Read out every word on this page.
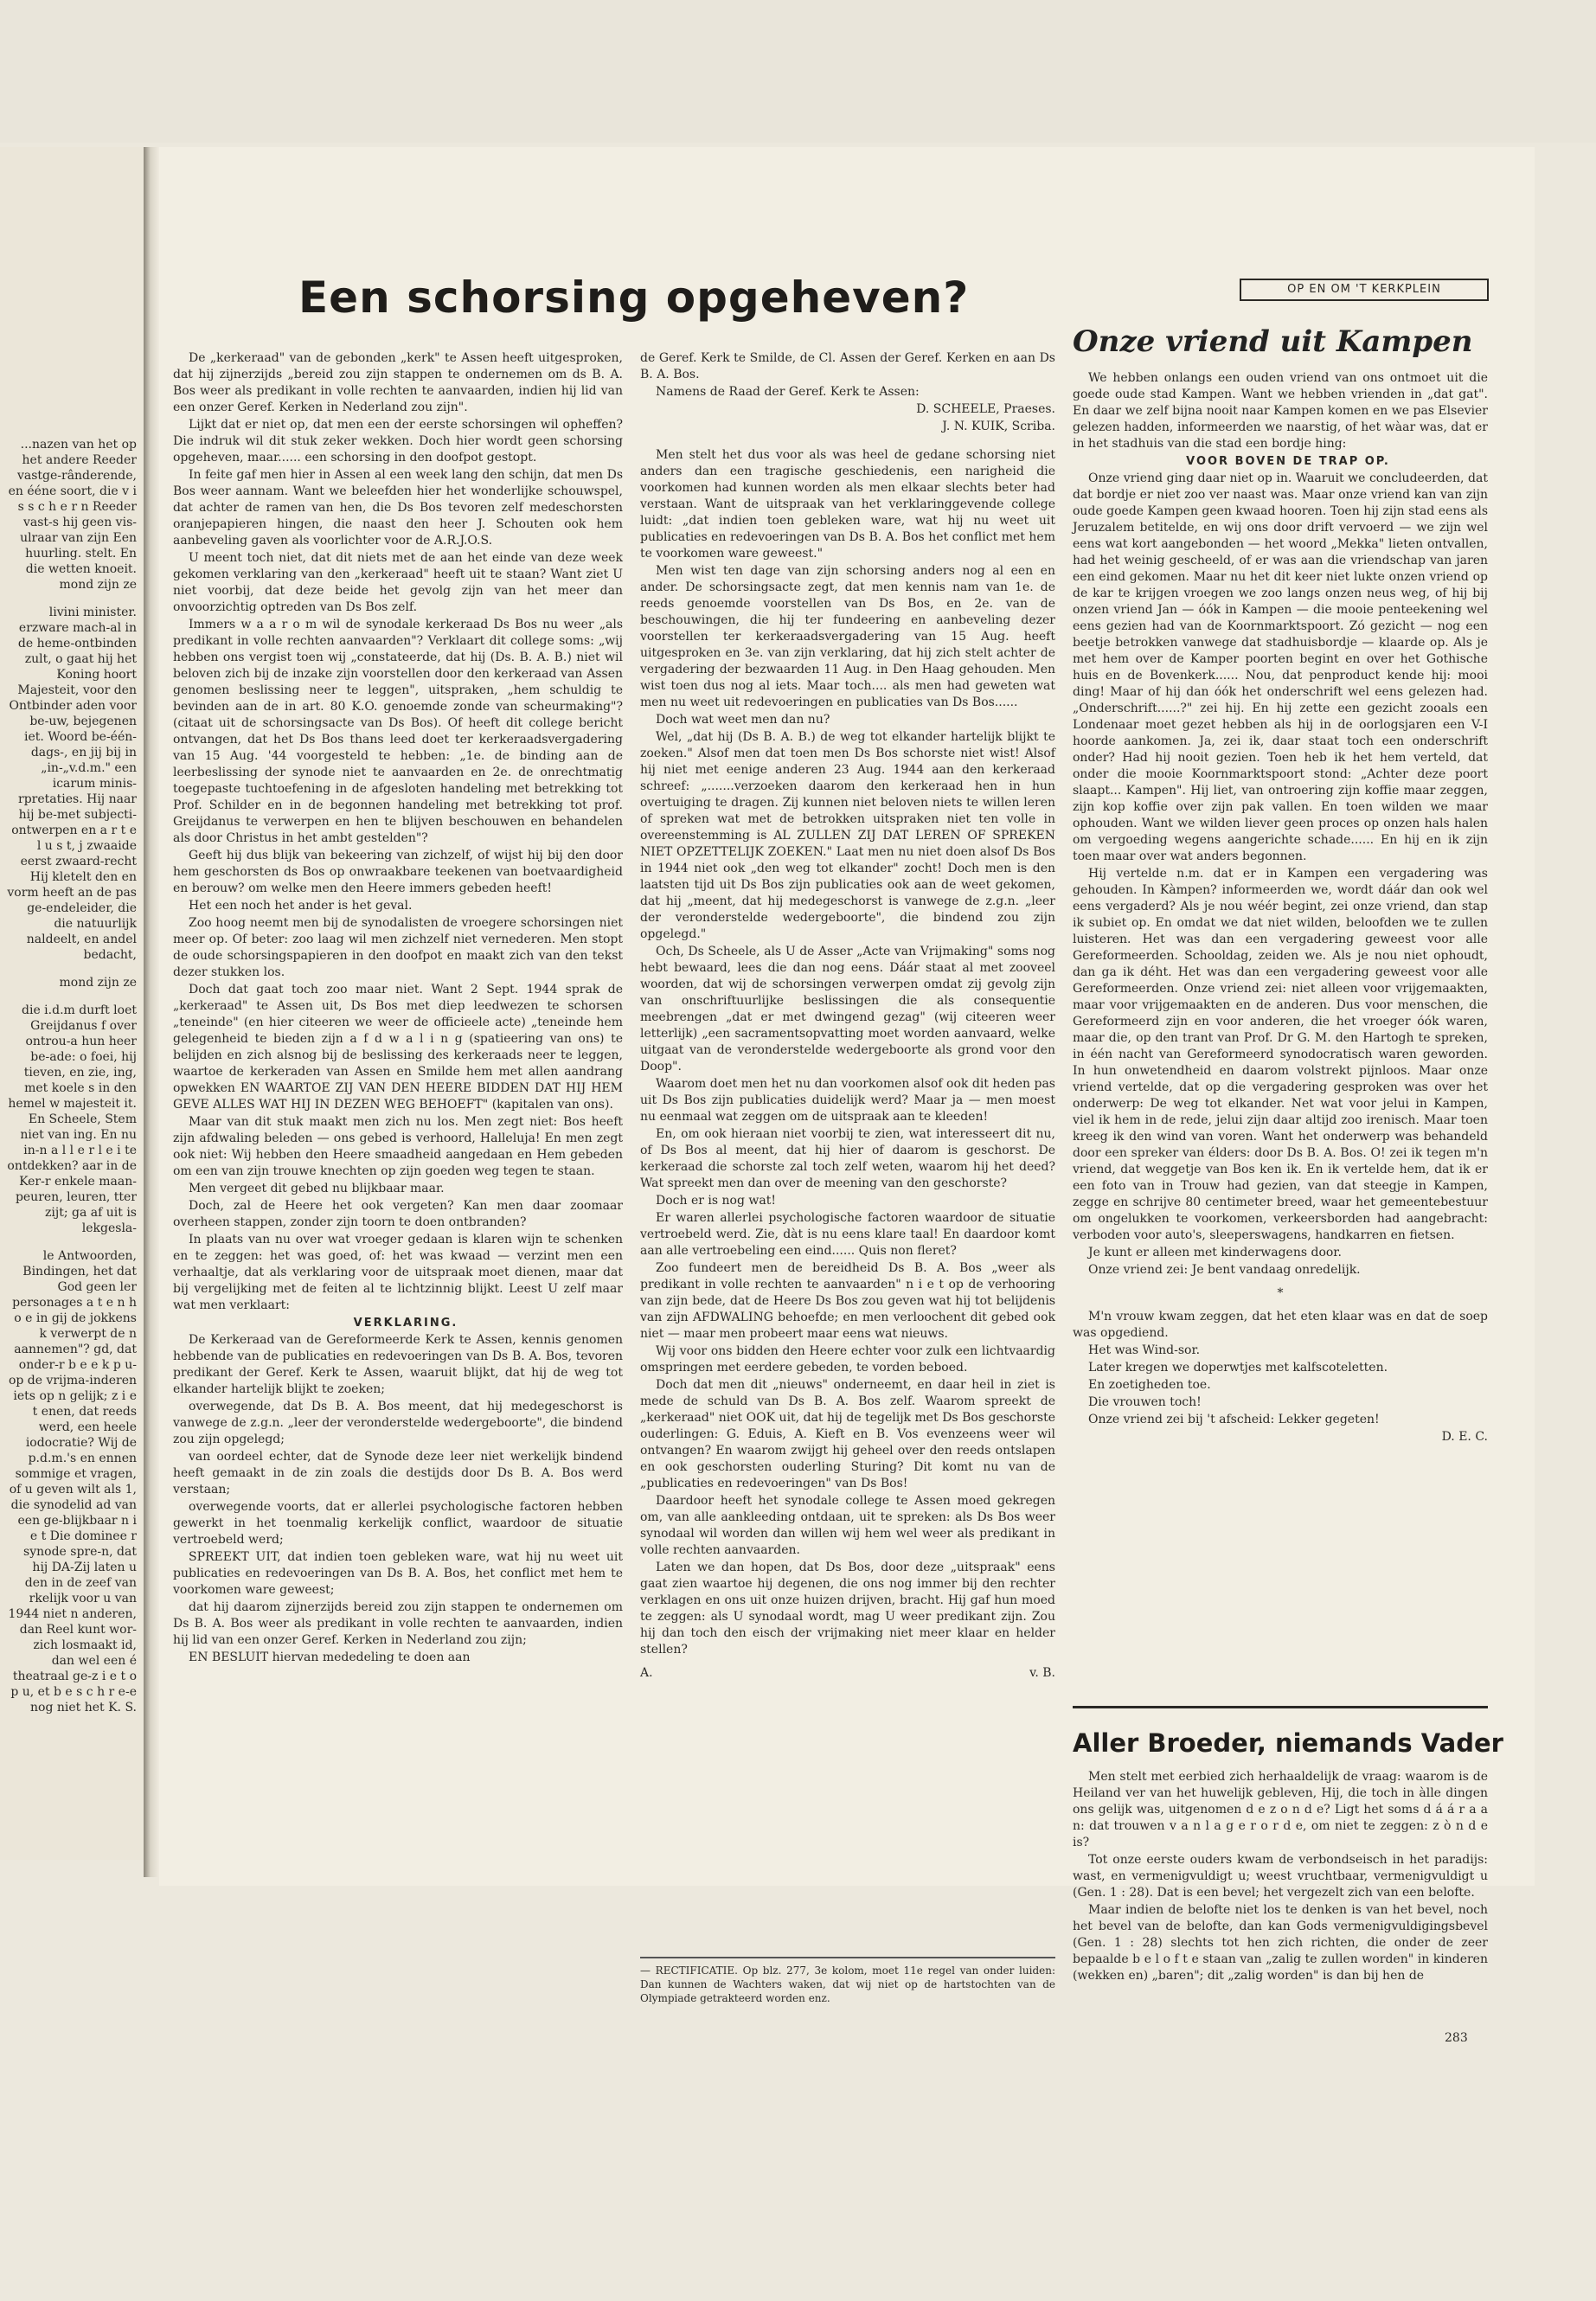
...nazen van het op het andere Reeder vastge-rânderende, en ééne soort, die v i s s c h e r n Reeder vast-s hij geen vis-ulraar van zijn Een huurling. stelt. En die wetten knoeit. mond zijn ze

livini minister. erzware mach-al in de heme-ontbinden zult, o gaat hij het Koning hoort Majesteit, voor den Ontbinder aden voor be-uw, bejegenen iet. Woord be-één-dags-, en jij bij in „in-„v.d.m." een icarum minis-rpretaties. Hij naar hij be-met subjecti-ontwerpen en a r t e l u s t, j zwaaide eerst zwaard-recht Hij kletelt den en vorm heeft an de pas ge-endeleider, die die natuurlijk naldeelt, en andel bedacht,

mond zijn ze

die i.d.m durft loet Greijdanus f over ontrou-a hun heer be-ade: o foei, hij tieven, en zie, ing, met koele s in den hemel w majesteit it. En Scheele, Stem niet van ing. En nu in-n a l l e r l e i te ontdekken? aar in de Ker-r enkele maan-peuren, leuren, tter zijt; ga af uit is lekgesla-

le Antwoorden, Bindingen, het dat God geen ler personages a t e n h o e in gij de jokkens k verwerpt de n aannemen"? gd, dat onder-r b e e k p u-op de vrijma-inderen iets op n gelijk; z i e t enen, dat reeds werd, een heele iodocratie? Wij de p.d.m.'s en ennen sommige et vragen, of u geven wilt als 1, die synodelid ad van een ge-blijkbaar n i e t Die dominee r synode spre-n, dat hij DA-Zij laten u den in de zeef van rkelijk voor u van 1944 niet n anderen, dan Reel kunt wor-zich losmaakt id, dan wel een é theatraal ge-z i e t o p u, et b e s c h r e-e nog niet het K. S.

Een schorsing opgeheven?

De „kerkeraad" van de gebonden „kerk" te Assen heeft uitgesproken, dat hij zijnerzijds „bereid zou zijn stappen te ondernemen om ds B. A. Bos weer als predikant in volle rechten te aanvaarden, indien hij lid van een onzer Geref. Kerken in Nederland zou zijn".

Lijkt dat er niet op, dat men een der eerste schorsingen wil opheffen? Die indruk wil dit stuk zeker wekken. Doch hier wordt geen schorsing opgeheven, maar...... een schorsing in den doofpot gestopt.

In feite gaf men hier in Assen al een week lang den schijn, dat men Ds Bos weer aannam. Want we beleefden hier het wonderlijke schouwspel, dat achter de ramen van hen, die Ds Bos tevoren zelf medeschorsten oranjepapieren hingen, die naast den heer J. Schouten ook hem aanbeveling gaven als voorlichter voor de A.R.J.O.S.

U meent toch niet, dat dit niets met de aan het einde van deze week gekomen verklaring van den „kerkeraad" heeft uit te staan? Want ziet U niet voorbij, dat deze beide het gevolg zijn van het meer dan onvoorzichtig optreden van Ds Bos zelf.

Immers w a a r o m wil de synodale kerkeraad Ds Bos nu weer „als predikant in volle rechten aanvaarden"? Verklaart dit college soms: „wij hebben ons vergist toen wij „constateerde, dat hij (Ds. B. A. B.) niet wil beloven zich bij de inzake zijn voorstellen door den kerkeraad van Assen genomen beslissing neer te leggen", uitspraken, „hem schuldig te bevinden aan de in art. 80 K.O. genoemde zonde van scheurmaking"? (citaat uit de schorsingsacte van Ds Bos). Of heeft dit college bericht ontvangen, dat het Ds Bos thans leed doet ter kerkeraadsvergadering van 15 Aug. '44 voorgesteld te hebben: „1e. de binding aan de leerbeslissing der synode niet te aanvaarden en 2e. de onrechtmatig toegepaste tuchtoefening in de afgesloten handeling met betrekking tot Prof. Schilder en in de begonnen handeling met betrekking tot prof. Greijdanus te verwerpen en hen te blijven beschouwen en behandelen als door Christus in het ambt gestelden"?

Geeft hij dus blijk van bekeering van zichzelf, of wijst hij bij den door hem geschorsten ds Bos op onwraakbare teekenen van boetvaardigheid en berouw? om welke men den Heere immers gebeden heeft!

Het een noch het ander is het geval.

Zoo hoog neemt men bij de synodalisten de vroegere schorsingen niet meer op. Of beter: zoo laag wil men zichzelf niet vernederen. Men stopt de oude schorsingspapieren in den doofpot en maakt zich van den tekst dezer stukken los.

Doch dat gaat toch zoo maar niet. Want 2 Sept. 1944 sprak de „kerkeraad" te Assen uit, Ds Bos met diep leedwezen te schorsen „teneinde" (en hier citeeren we weer de officieele acte) „teneinde hem gelegenheid te bieden zijn a f d w a l i n g (spatieering van ons) te belijden en zich alsnog bij de beslissing des kerkeraads neer te leggen, waartoe de kerkeraden van Assen en Smilde hem met allen aandrang opwekken EN WAARTOE ZIJ VAN DEN HEERE BIDDEN DAT HIJ HEM GEVE ALLES WAT HIJ IN DEZEN WEG BEHOEFT" (kapitalen van ons).

Maar van dit stuk maakt men zich nu los. Men zegt niet: Bos heeft zijn afdwaling beleden — ons gebed is verhoord, Halleluja! En men zegt ook niet: Wij hebben den Heere smaadheid aangedaan en Hem gebeden om een van zijn trouwe knechten op zijn goeden weg tegen te staan.

Men vergeet dit gebed nu blijkbaar maar.

Doch, zal de Heere het ook vergeten? Kan men daar zoomaar overheen stappen, zonder zijn toorn te doen ontbranden?

In plaats van nu over wat vroeger gedaan is klaren wijn te schenken en te zeggen: het was goed, of: het was kwaad — verzint men een verhaaltje, dat als verklaring voor de uitspraak moet dienen, maar dat bij vergelijking met de feiten al te lichtzinnig blijkt. Leest U zelf maar wat men verklaart:

VERKLARING.

De Kerkeraad van de Gereformeerde Kerk te Assen, kennis genomen hebbende van de publicaties en redevoeringen van Ds B. A. Bos, tevoren predikant der Geref. Kerk te Assen, waaruit blijkt, dat hij de weg tot elkander hartelijk blijkt te zoeken;

overwegende, dat Ds B. A. Bos meent, dat hij medegeschorst is vanwege de z.g.n. „leer der veronderstelde wedergeboorte", die bindend zou zijn opgelegd;

van oordeel echter, dat de Synode deze leer niet werkelijk bindend heeft gemaakt in de zin zoals die destijds door Ds B. A. Bos werd verstaan;

overwegende voorts, dat er allerlei psychologische factoren hebben gewerkt in het toenmalig kerkelijk conflict, waardoor de situatie vertroebeld werd;

SPREEKT UIT, dat indien toen gebleken ware, wat hij nu weet uit publicaties en redevoeringen van Ds B. A. Bos, het conflict met hem te voorkomen ware geweest;

dat hij daarom zijnerzijds bereid zou zijn stappen te ondernemen om Ds B. A. Bos weer als predikant in volle rechten te aanvaarden, indien hij lid van een onzer Geref. Kerken in Nederland zou zijn;

EN BESLUIT hiervan mededeling te doen aan

de Geref. Kerk te Smilde, de Cl. Assen der Geref. Kerken en aan Ds B. A. Bos.

Namens de Raad der Geref. Kerk te Assen:

D. SCHEELE, Praeses.

J. N. KUIK, Scriba.

Men stelt het dus voor als was heel de gedane schorsing niet anders dan een tragische geschiedenis, een narigheid die voorkomen had kunnen worden als men elkaar slechts beter had verstaan. Want de uitspraak van het verklaringgevende college luidt: „dat indien toen gebleken ware, wat hij nu weet uit publicaties en redevoeringen van Ds B. A. Bos het conflict met hem te voorkomen ware geweest."

Men wist ten dage van zijn schorsing anders nog al een en ander. De schorsingsacte zegt, dat men kennis nam van 1e. de reeds genoemde voorstellen van Ds Bos, en 2e. van de beschouwingen, die hij ter fundeering en aanbeveling dezer voorstellen ter kerkeraadsvergadering van 15 Aug. heeft uitgesproken en 3e. van zijn verklaring, dat hij zich stelt achter de vergadering der bezwaarden 11 Aug. in Den Haag gehouden. Men wist toen dus nog al iets. Maar toch.... als men had geweten wat men nu weet uit redevoeringen en publicaties van Ds Bos......

Doch wat weet men dan nu?

Wel, „dat hij (Ds B. A. B.) de weg tot elkander hartelijk blijkt te zoeken." Alsof men dat toen men Ds Bos schorste niet wist! Alsof hij niet met eenige anderen 23 Aug. 1944 aan den kerkeraad schreef: „.......verzoeken daarom den kerkeraad hen in hun overtuiging te dragen. Zij kunnen niet beloven niets te willen leren of spreken wat met de betrokken uitspraken niet ten volle in overeenstemming is AL ZULLEN ZIJ DAT LEREN OF SPREKEN NIET OPZETTELIJK ZOEKEN." Laat men nu niet doen alsof Ds Bos in 1944 niet ook „den weg tot elkander" zocht! Doch men is den laatsten tijd uit Ds Bos zijn publicaties ook aan de weet gekomen, dat hij „meent, dat hij medegeschorst is vanwege de z.g.n. „leer der veronderstelde wedergeboorte", die bindend zou zijn opgelegd."

Och, Ds Scheele, als U de Asser „Acte van Vrijmaking" soms nog hebt bewaard, lees die dan nog eens. Dáár staat al met zooveel woorden, dat wij de schorsingen verwerpen omdat zij gevolg zijn van onschriftuurlijke beslissingen die als consequentie meebrengen „dat er met dwingend gezag" (wij citeeren weer letterlijk) „een sacramentsopvatting moet worden aanvaard, welke uitgaat van de veronderstelde wedergeboorte als grond voor den Doop".

Waarom doet men het nu dan voorkomen alsof ook dit heden pas uit Ds Bos zijn publicaties duidelijk werd? Maar ja — men moest nu eenmaal wat zeggen om de uitspraak aan te kleeden!

En, om ook hieraan niet voorbij te zien, wat interesseert dit nu, of Ds Bos al meent, dat hij hier of daarom is geschorst. De kerkeraad die schorste zal toch zelf weten, waarom hij het deed? Wat spreekt men dan over de meening van den geschorste?

Doch er is nog wat!

Er waren allerlei psychologische factoren waardoor de situatie vertroebeld werd. Zie, dàt is nu eens klare taal! En daardoor komt aan alle vertroebeling een eind...... Quis non fleret?

Zoo fundeert men de bereidheid Ds B. A. Bos „weer als predikant in volle rechten te aanvaarden" n i e t op de verhooring van zijn bede, dat de Heere Ds Bos zou geven wat hij tot belijdenis van zijn AFDWALING behoefde; en men verloochent dit gebed ook niet — maar men probeert maar eens wat nieuws.

Wij voor ons bidden den Heere echter voor zulk een lichtvaardig omspringen met eerdere gebeden, te vorden beboed.

Doch dat men dit „nieuws" onderneemt, en daar heil in ziet is mede de schuld van Ds B. A. Bos zelf. Waarom spreekt de „kerkeraad" niet OOK uit, dat hij de tegelijk met Ds Bos geschorste ouderlingen: G. Eduis, A. Kieft en B. Vos evenzeens weer wil ontvangen? En waarom zwijgt hij geheel over den reeds ontslapen en ook geschorsten ouderling Sturing? Dit komt nu van de „publicaties en redevoeringen" van Ds Bos!

Daardoor heeft het synodale college te Assen moed gekregen om, van alle aankleeding ontdaan, uit te spreken: als Ds Bos weer synodaal wil worden dan willen wij hem wel weer als predikant in volle rechten aanvaarden.

Laten we dan hopen, dat Ds Bos, door deze „uitspraak" eens gaat zien waartoe hij degenen, die ons nog immer bij den rechter verklagen en ons uit onze huizen drijven, bracht. Hij gaf hun moed te zeggen: als U synodaal wordt, mag U weer predikant zijn. Zou hij dan toch den eisch der vrijmaking niet meer klaar en helder stellen?

A.	v. B.

OP EN OM 'T KERKPLEIN
Onze vriend uit Kampen

We hebben onlangs een ouden vriend van ons ontmoet uit die goede oude stad Kampen. Want we hebben vrienden in „dat gat". En daar we zelf bijna nooit naar Kampen komen en we pas Elsevier gelezen hadden, informeerden we naarstig, of het wàar was, dat er in het stadhuis van die stad een bordje hing:

VOOR BOVEN DE TRAP OP.

Onze vriend ging daar niet op in. Waaruit we concludeerden, dat dat bordje er niet zoo ver naast was. Maar onze vriend kan van zijn oude goede Kampen geen kwaad hooren. Toen hij zijn stad eens als Jeruzalem betitelde, en wij ons door drift vervoerd — we zijn wel eens wat kort aangebonden — het woord „Mekka" lieten ontvallen, had het weinig gescheeld, of er was aan die vriendschap van jaren een eind gekomen. Maar nu het dit keer niet lukte onzen vriend op de kar te krijgen vroegen we zoo langs onzen neus weg, of hij bij onzen vriend Jan — óók in Kampen — die mooie penteekening wel eens gezien had van de Koornmarktspoort. Zó gezicht — nog een beetje betrokken vanwege dat stadhuisbordje — klaarde op. Als je met hem over de Kamper poorten begint en over het Gothische huis en de Bovenkerk...... Nou, dat penproduct kende hij: mooi ding! Maar of hij dan óók het onderschrift wel eens gelezen had. „Onderschrift......?" zei hij. En hij zette een gezicht zooals een Londenaar moet gezet hebben als hij in de oorlogsjaren een V-I hoorde aankomen. Ja, zei ik, daar staat toch een onderschrift onder? Had hij nooit gezien. Toen heb ik het hem verteld, dat onder die mooie Koornmarktspoort stond: „Achter deze poort slaapt... Kampen". Hij liet, van ontroering zijn koffie maar zeggen, zijn kop koffie over zijn pak vallen. En toen wilden we maar ophouden. Want we wilden liever geen proces op onzen hals halen om vergoeding wegens aangerichte schade...... En hij en ik zijn toen maar over wat anders begonnen.

Hij vertelde n.m. dat er in Kampen een vergadering was gehouden. In Kàmpen? informeerden we, wordt dáár dan ook wel eens vergaderd? Als je nou wéér begint, zei onze vriend, dan stap ik subiet op. En omdat we dat niet wilden, beloofden we te zullen luisteren. Het was dan een vergadering geweest voor alle Gereformeerden. Schooldag, zeiden we. Als je nou niet ophoudt, dan ga ik déht. Het was dan een vergadering geweest voor alle Gereformeerden. Onze vriend zei: niet alleen voor vrijgemaakten, maar voor vrijgemaakten en de anderen. Dus voor menschen, die Gereformeerd zijn en voor anderen, die het vroeger óók waren, maar die, op den trant van Prof. Dr G. M. den Hartogh te spreken, in één nacht van Gereformeerd synodocratisch waren geworden. In hun onwetendheid en daarom volstrekt pijnloos. Maar onze vriend vertelde, dat op die vergadering gesproken was over het onderwerp: De weg tot elkander. Net wat voor jelui in Kampen, viel ik hem in de rede, jelui zijn daar altijd zoo irenisch. Maar toen kreeg ik den wind van voren. Want het onderwerp was behandeld door een spreker van élders: door Ds B. A. Bos. O! zei ik tegen m'n vriend, dat weggetje van Bos ken ik. En ik vertelde hem, dat ik er een foto van in Trouw had gezien, van dat steegje in Kampen, zegge en schrijve 80 centimeter breed, waar het gemeentebestuur om ongelukken te voorkomen, verkeersborden had aangebracht: verboden voor auto's, sleeperswagens, handkarren en fietsen.

Je kunt er alleen met kinderwagens door.

Onze vriend zei: Je bent vandaag onredelijk.

*

M'n vrouw kwam zeggen, dat het eten klaar was en dat de soep was opgediend.

Het was Wind-sor.

Later kregen we doperwtjes met kalfscoteletten.

En zoetigheden toe.

Die vrouwen toch!

Onze vriend zei bij 't afscheid: Lekker gegeten!

D. E. C.

Aller Broeder, niemands Vader

Men stelt met eerbied zich herhaaldelijk de vraag: waarom is de Heiland ver van het huwelijk gebleven, Hij, die toch in àlle dingen ons gelijk was, uitgenomen d e z o n d e? Ligt het soms d á á r a a n: dat trouwen v a n l a g e r o r d e, om niet te zeggen: z ò n d e is?

Tot onze eerste ouders kwam de verbondseisch in het paradijs: wast, en vermenigvuldigt u; weest vruchtbaar, vermenigvuldigt u (Gen. 1 : 28). Dat is een bevel; het vergezelt zich van een belofte.

Maar indien de belofte niet los te denken is van het bevel, noch het bevel van de belofte, dan kan Gods vermenigvuldigingsbevel (Gen. 1 : 28) slechts tot hen zich richten, die onder de zeer bepaalde b e l o f t e staan van „zalig te zullen worden" in kinderen (wekken en) „baren"; dit „zalig worden" is dan bij hen de

— RECTIFICATIE. Op blz. 277, 3e kolom, moet 11e regel van onder luiden: Dan kunnen de Wachters waken, dat wij niet op de hartstochten van de Olympiade getrakteerd worden enz.

283
